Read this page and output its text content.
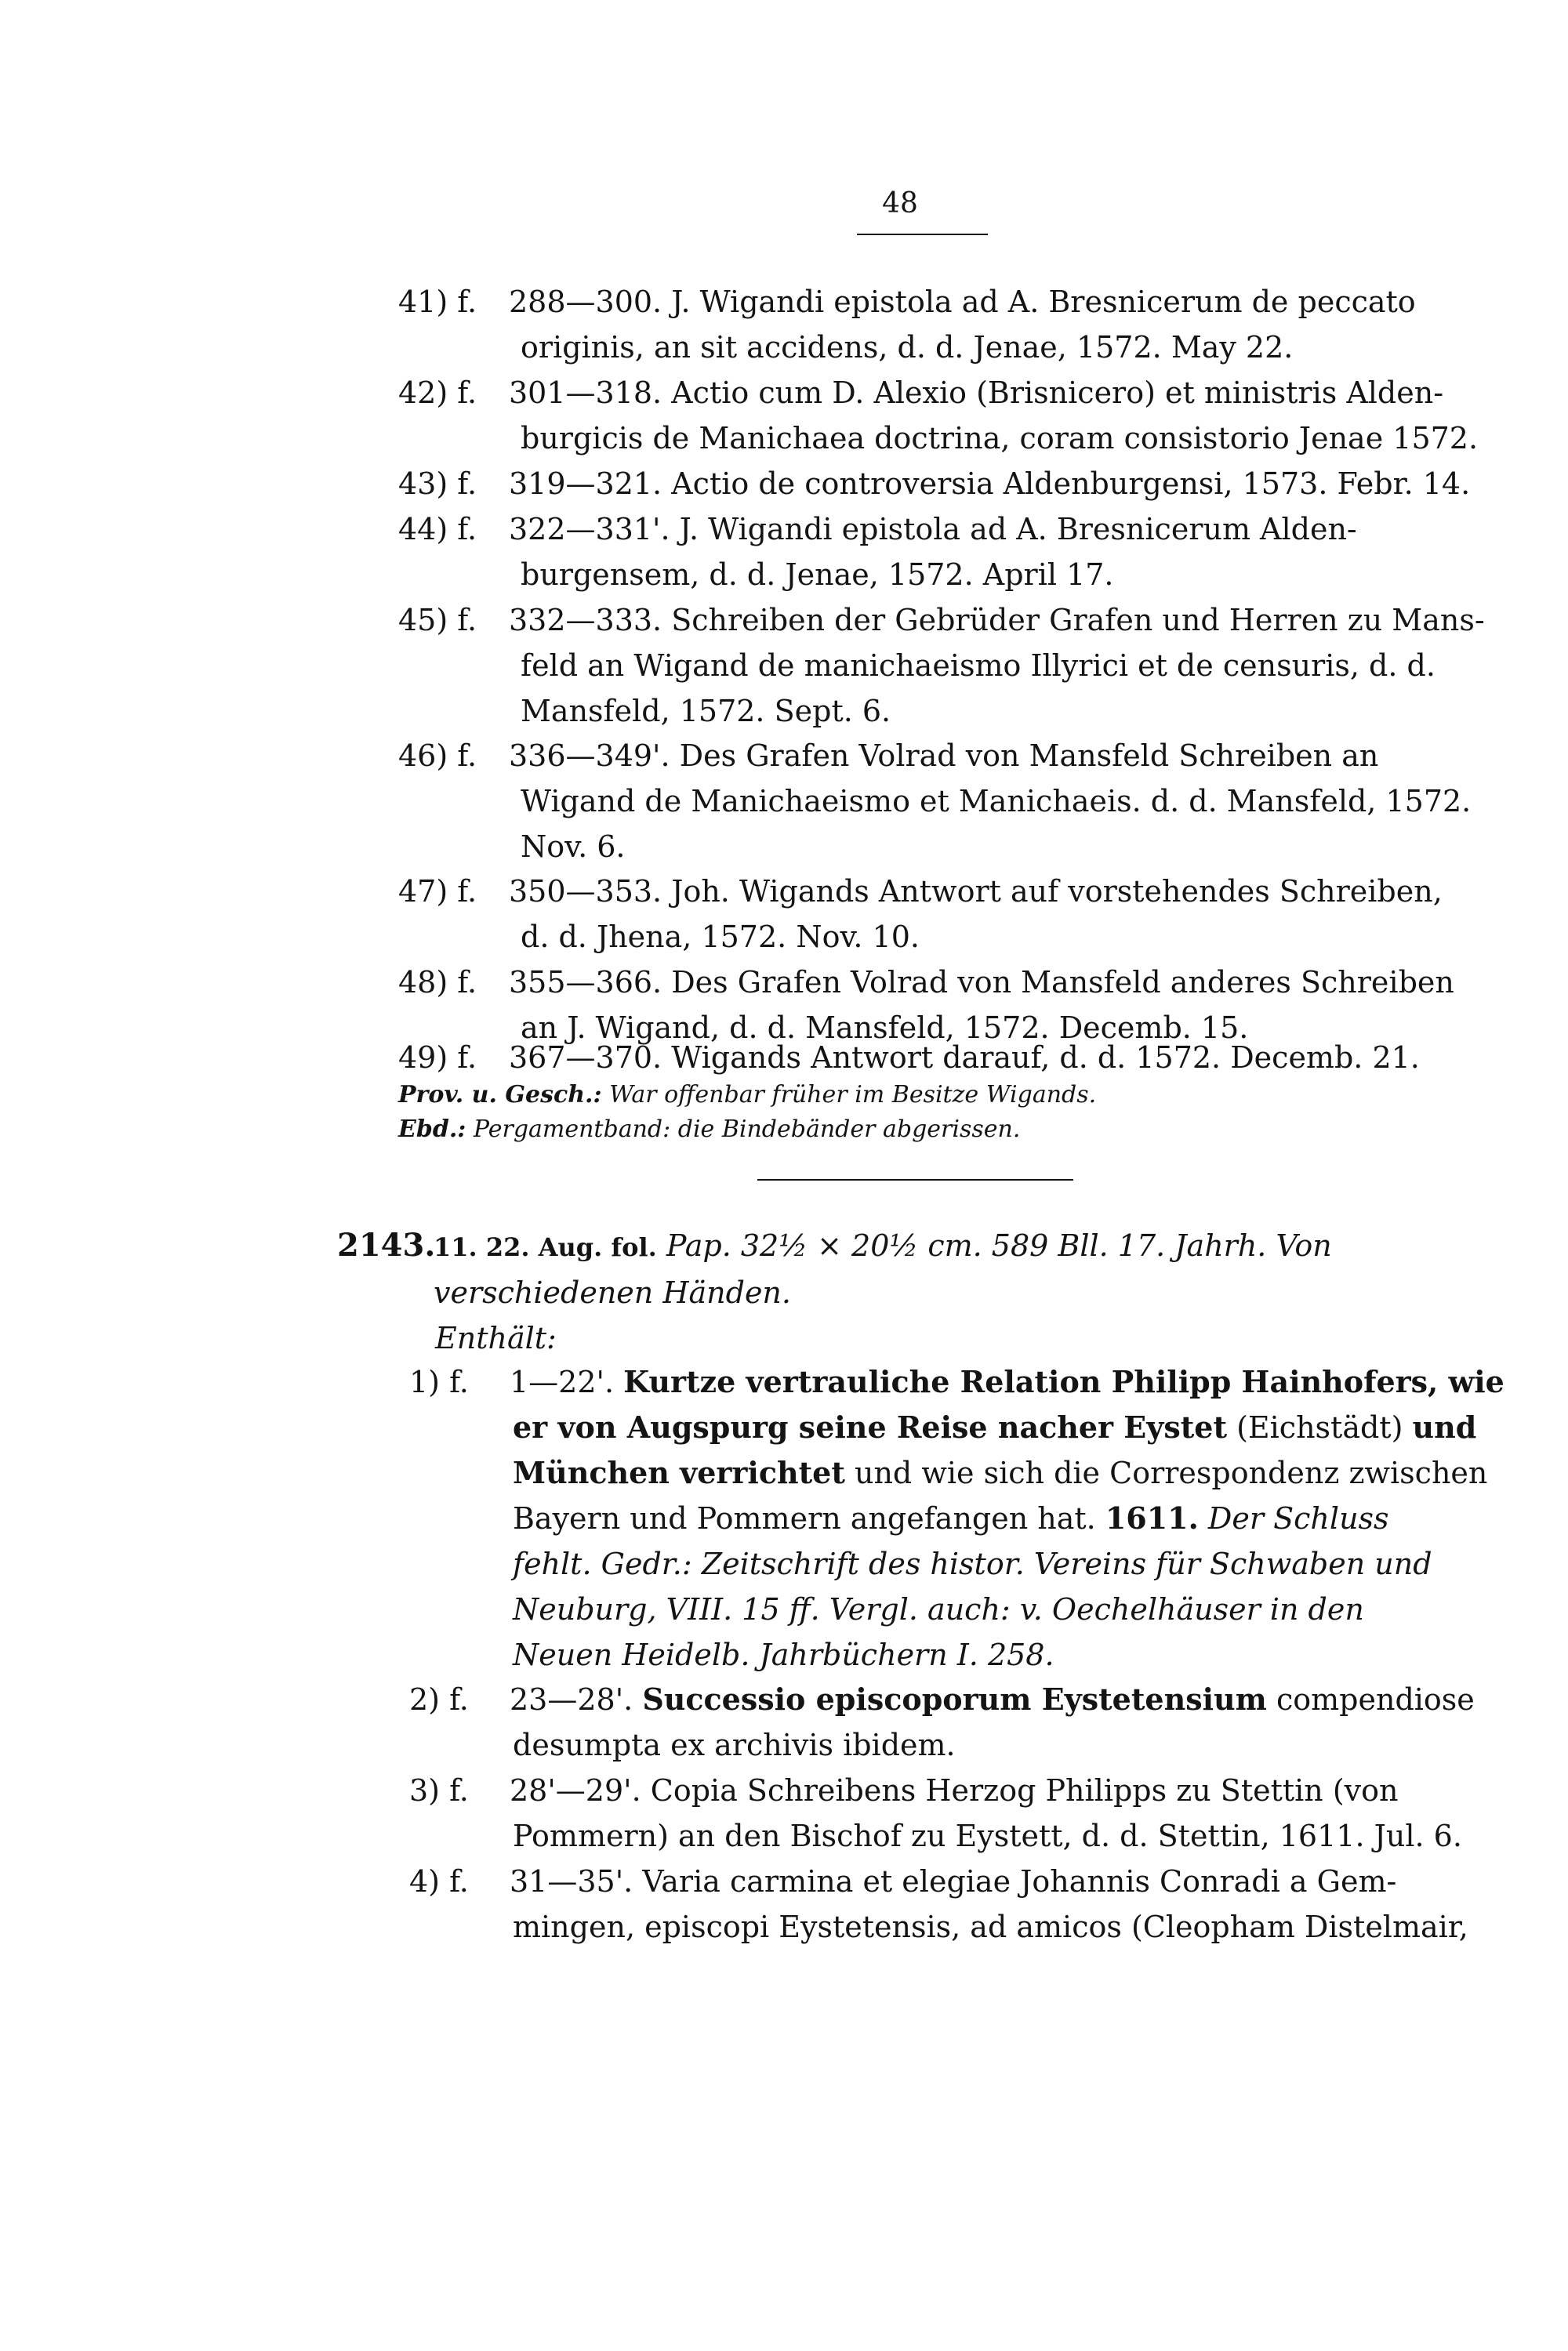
48
41) f. 288—300. J. Wigandi epistola ad A. Bresnicerum de peccato
originis, an sit accidens, d. d. Jenae, 1572. May 22.
42) f. 301—318. Actio cum D. Alexio (Brisnicero) et ministris Alden-
burgicis de Manichaea doctrina, coram consistorio Jenae 1572.
43) f. 319—321. Actio de controversia Aldenburgensi, 1573. Febr. 14.
44) f. 322—331'. J. Wigandi epistola ad A. Bresnicerum Alden-
burgensem, d. d. Jenae, 1572. April 17.
45) f. 332—333. Schreiben der Gebrüder Grafen und Herren zu Mans-
feld an Wigand de manichaeismo Illyrici et de censuris, d. d.
Mansfeld, 1572. Sept. 6.
46) f. 336—349'. Des Grafen Volrad von Mansfeld Schreiben an
Wigand de Manichaeismo et Manichaeis. d. d. Mansfeld, 1572.
Nov. 6.
47) f. 350—353. Joh. Wigands Antwort auf vorstehendes Schreiben,
d. d. Jhena, 1572. Nov. 10.
48) f. 355—366. Des Grafen Volrad von Mansfeld anderes Schreiben
an J. Wigand, d. d. Mansfeld, 1572. Decemb. 15.
49) f. 367—370. Wigands Antwort darauf, d. d. 1572. Decemb. 21.
Prov. u. Gesch.: War offenbar früher im Besitze Wigands.
Ebd.: Pergamentband: die Bindebänder abgerissen.
2143.
11. 22. Aug. fol. Pap. 32½ × 20½ cm. 589 Bll. 17. Jahrh. Von
verschiedenen Händen.
Enthält:
1) f. 1—22'. Kurtze vertrauliche Relation Philipp Hainhofers, wie
er von Augspurg seine Reise nacher Eystet (Eichstädt) und
München verrichtet und wie sich die Correspondenz zwischen
Bayern und Pommern angefangen hat. 1611. Der Schluss
fehlt. Gedr.: Zeitschrift des histor. Vereins für Schwaben und
Neuburg, VIII. 15 ff. Vergl. auch: v. Oechelhäuser in den
Neuen Heidelb. Jahrbüchern I. 258.
2) f. 23—28'. Successio episcoporum Eystetensium compendiose
desumpta ex archivis ibidem.
3) f. 28'—29'. Copia Schreibens Herzog Philipps zu Stettin (von
Pommern) an den Bischof zu Eystett, d. d. Stettin, 1611. Jul. 6.
4) f. 31—35'. Varia carmina et elegiae Johannis Conradi a Gem-
mingen, episcopi Eystetensis, ad amicos (Cleopham Distelmair,
